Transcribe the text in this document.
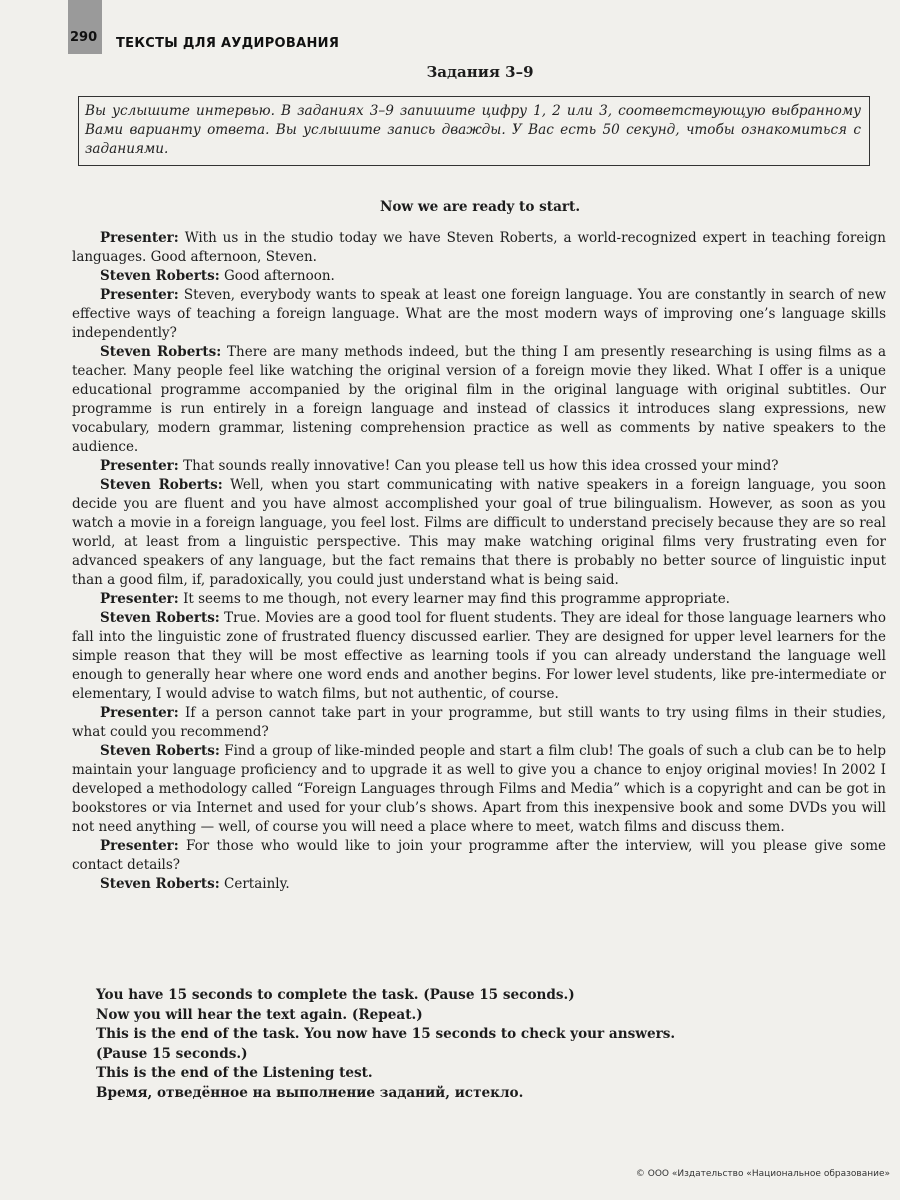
290 ТЕКСТЫ ДЛЯ АУДИРОВАНИЯ
Задания 3–9
Вы услышите интервью. В заданиях 3–9 запишите цифру 1, 2 или 3, соответствующую выбранному Вами варианту ответа. Вы услышите запись дважды. У Вас есть 50 секунд, чтобы ознакомиться с заданиями.
Now we are ready to start.

Presenter: With us in the studio today we have Steven Roberts, a world-recognized expert in teaching foreign languages. Good afternoon, Steven.

Steven Roberts: Good afternoon.

Presenter: Steven, everybody wants to speak at least one foreign language. You are constantly in search of new effective ways of teaching a foreign language. What are the most modern ways of improving one’s language skills independently?

Steven Roberts: There are many methods indeed, but the thing I am presently researching is using films as a teacher. Many people feel like watching the original version of a foreign movie they liked. What I offer is a unique educational programme accompanied by the original film in the original language with original subtitles. Our programme is run entirely in a foreign language and instead of classics it introduces slang expressions, new vocabulary, modern grammar, listening comprehension practice as well as comments by native speakers to the audience.

Presenter: That sounds really innovative! Can you please tell us how this idea crossed your mind?

Steven Roberts: Well, when you start communicating with native speakers in a foreign language, you soon decide you are fluent and you have almost accomplished your goal of true bilingualism. However, as soon as you watch a movie in a foreign language, you feel lost. Films are difficult to understand precisely because they are so real world, at least from a linguistic perspective. This may make watching original films very frustrating even for advanced speakers of any language, but the fact remains that there is probably no better source of linguistic input than a good film, if, paradoxically, you could just understand what is being said.

Presenter: It seems to me though, not every learner may find this programme appropriate.

Steven Roberts: True. Movies are a good tool for fluent students. They are ideal for those language learners who fall into the linguistic zone of frustrated fluency discussed earlier. They are designed for upper level learners for the simple reason that they will be most effective as learning tools if you can already understand the language well enough to generally hear where one word ends and another begins. For lower level students, like pre-intermediate or elementary, I would advise to watch films, but not authentic, of course.

Presenter: If a person cannot take part in your programme, but still wants to try using films in their studies, what could you recommend?

Steven Roberts: Find a group of like-minded people and start a film club! The goals of such a club can be to help maintain your language proficiency and to upgrade it as well to give you a chance to enjoy original movies! In 2002 I developed a methodology called “Foreign Languages through Films and Media” which is a copyright and can be got in bookstores or via Internet and used for your club’s shows. Apart from this inexpensive book and some DVDs you will not need anything — well, of course you will need a place where to meet, watch films and discuss them.

Presenter: For those who would like to join your programme after the interview, will you please give some contact details?

Steven Roberts: Certainly.

You have 15 seconds to complete the task. (Pause 15 seconds.)
Now you will hear the text again. (Repeat.)
This is the end of the task. You now have 15 seconds to check your answers.
(Pause 15 seconds.)
This is the end of the Listening test.
Время, отведённое на выполнение заданий, истекло.
© ООО «Издательство «Национальное образование»
